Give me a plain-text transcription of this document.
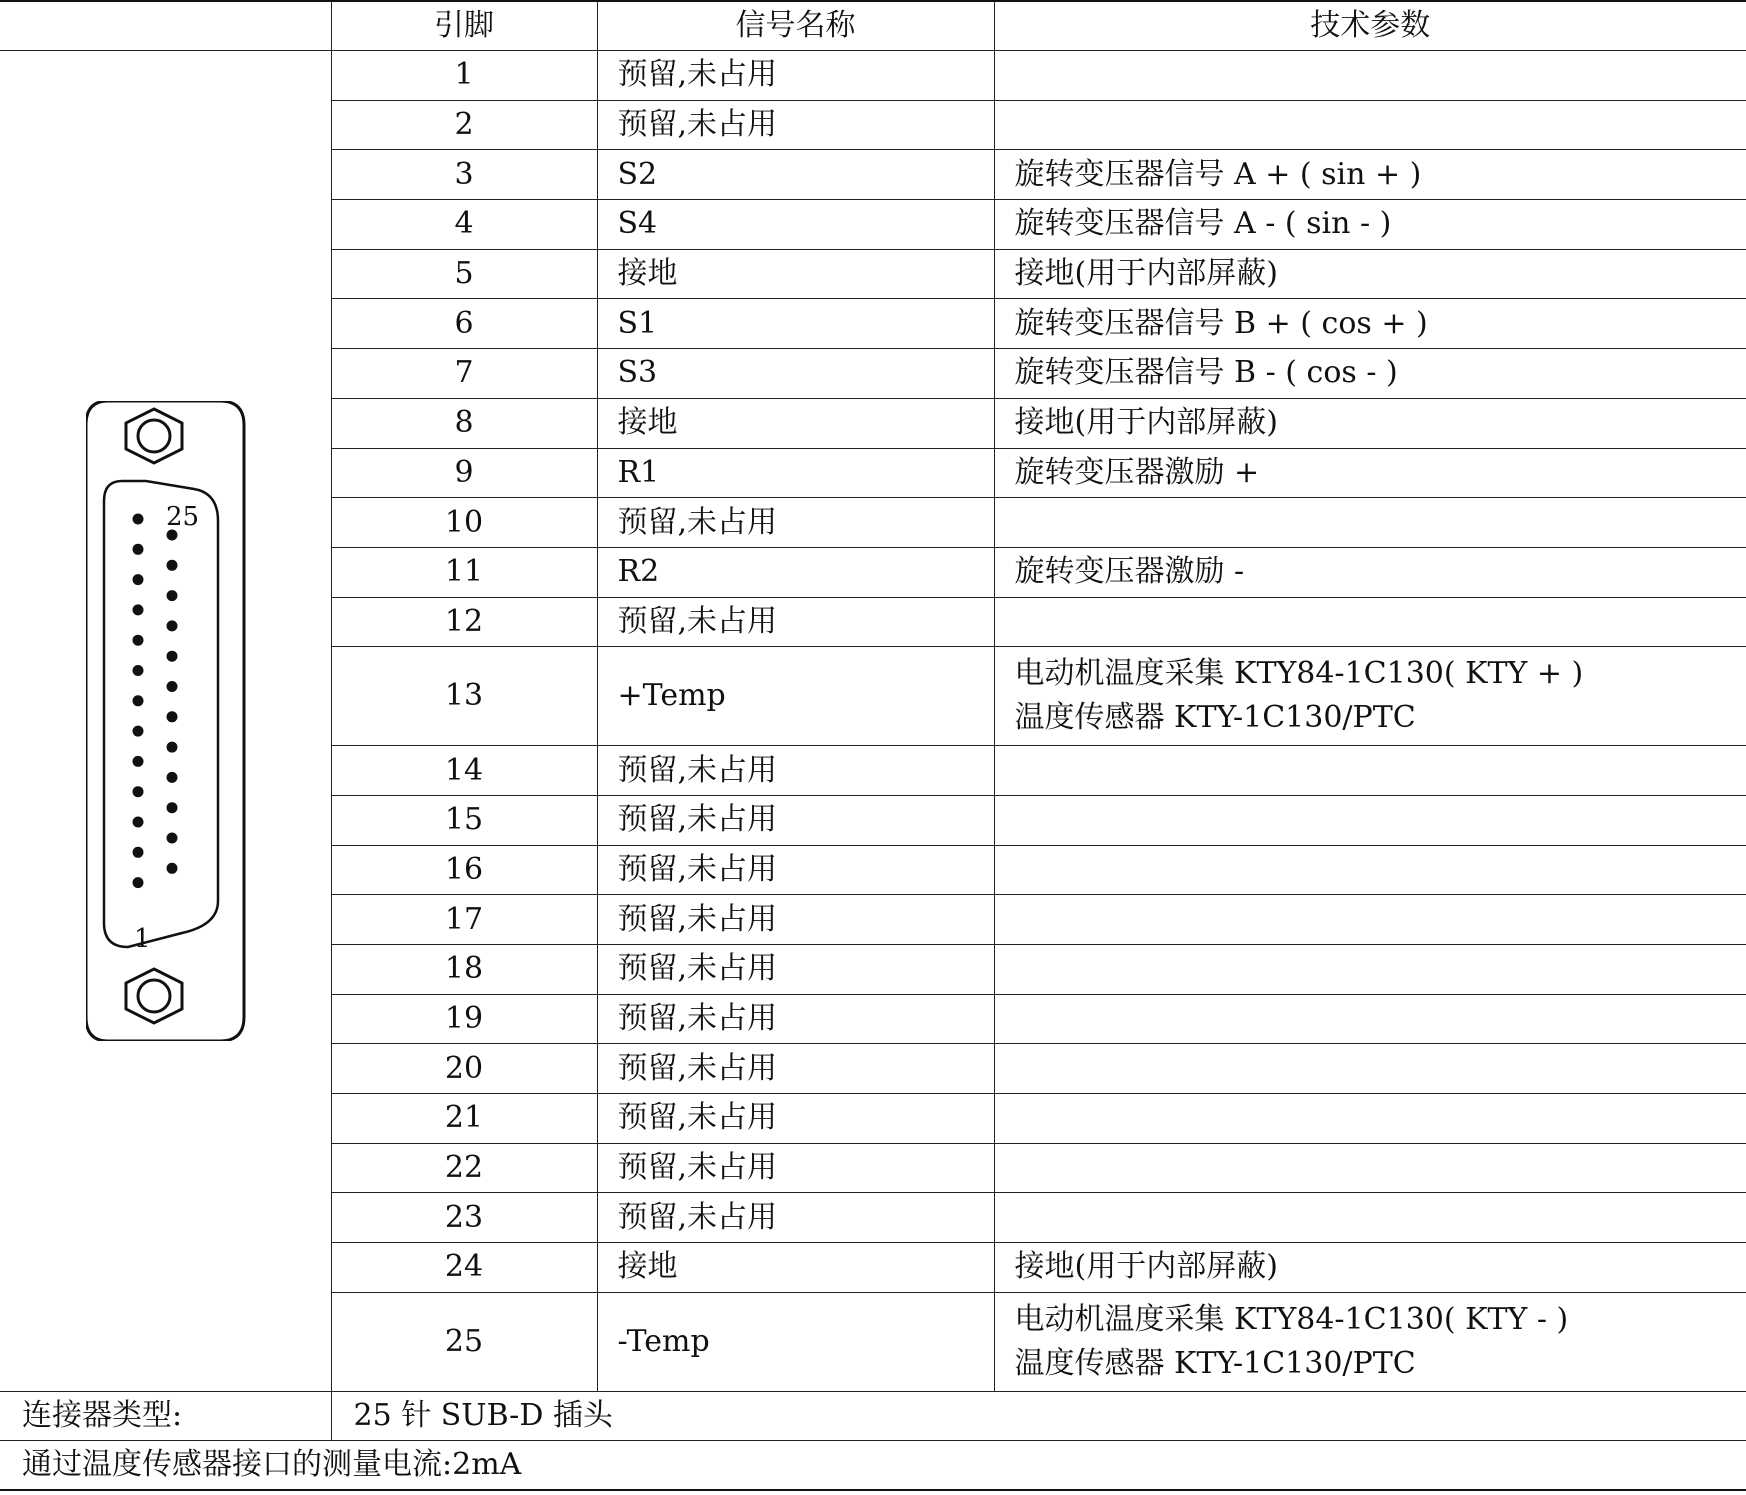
	引脚	信号名称	技术参数

25
1	1	预留,未占用	
	2	预留,未占用	
	3	S2	旋转变压器信号 A + ( sin + )

	4	S4	旋转变压器信号 A - ( sin - )

	5	接地	接地(用于内部屏蔽)

	6	S1	旋转变压器信号 B + ( cos + )

	7	S3	旋转变压器信号 B - ( cos - )

	8	接地	接地(用于内部屏蔽)

	9	R1	旋转变压器激励 +

	10	预留,未占用	
	11	R2	旋转变压器激励 -

	12	预留,未占用	
	13	+Temp	电动机温度采集 KTY84-1C130( KTY + )
温度传感器 KTY-1C130/PTC

	14	预留,未占用	
	15	预留,未占用	
	16	预留,未占用	
	17	预留,未占用	
	18	预留,未占用	
	19	预留,未占用	
	20	预留,未占用	
	21	预留,未占用	
	22	预留,未占用	
	23	预留,未占用	
	24	接地	接地(用于内部屏蔽)

	25	-Temp	电动机温度采集 KTY84-1C130( KTY - )
温度传感器 KTY-1C130/PTC

连接器类型:	25 针 SUB-D 插头		
通过温度传感器接口的测量电流:2mA			
